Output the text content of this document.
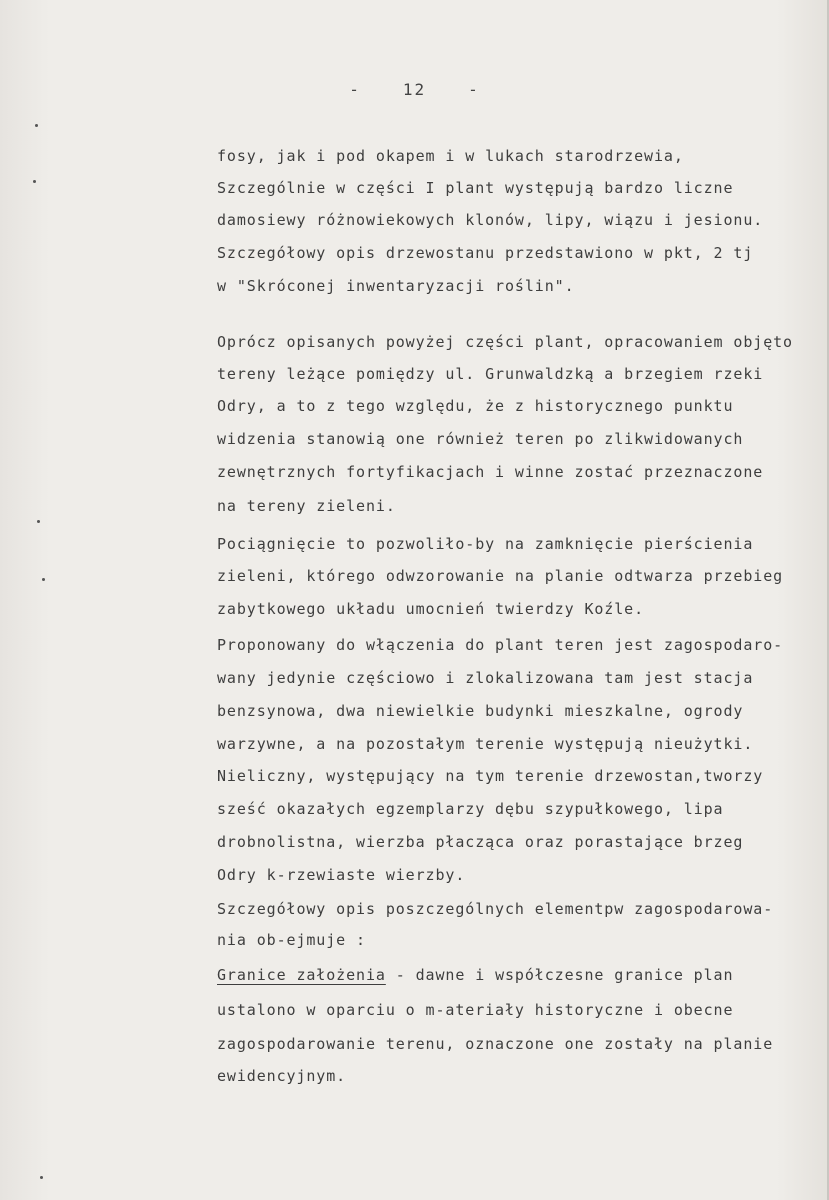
-	12	-
fosy, jak i pod okapem i w lukach starodrzewia,
Szczególnie w części I plant występują bardzo liczne
damosiewy różnowiekowych klonów, lipy, wiązu i jesionu.
Szczegółowy opis drzewostanu przedstawiono w pkt, 2 tj
w "Skróconej inwentaryzacji roślin".
Oprócz opisanych powyżej części plant, opracowaniem objęto
tereny leżące pomiędzy ul. Grunwaldzką a brzegiem rzeki
Odry, a to z tego względu, że z historycznego punktu
widzenia stanowią one również teren po zlikwidowanych
zewnętrznych fortyfikacjach i winne zostać przeznaczone
na tereny zieleni.
Pociągnięcie to pozwoliło-by na zamknięcie pierścienia
zieleni, którego odwzorowanie na planie odtwarza przebieg
zabytkowego układu umocnień twierdzy Koźle.
Proponowany do włączenia do plant teren jest zagospodaro-
wany jedynie częściowo i zlokalizowana tam jest stacja
benzsynowa, dwa niewielkie budynki mieszkalne, ogrody
warzywne, a na pozostałym terenie występują nieużytki.
Nieliczny, występujący na tym terenie drzewostan,tworzy
sześć okazałych egzemplarzy dębu szypułkowego, lipa
drobnolistna, wierzba płacząca oraz porastające brzeg
Odry k-rzewiaste wierzby.
Szczegółowy opis poszczególnych elementpw zagospodarowa-
nia ob-ejmuje :
Granice założenia - dawne i współczesne granice plan
ustalono w oparciu o m-ateriały historyczne i obecne
zagospodarowanie terenu, oznaczone one zostały na planie
ewidencyjnym.
